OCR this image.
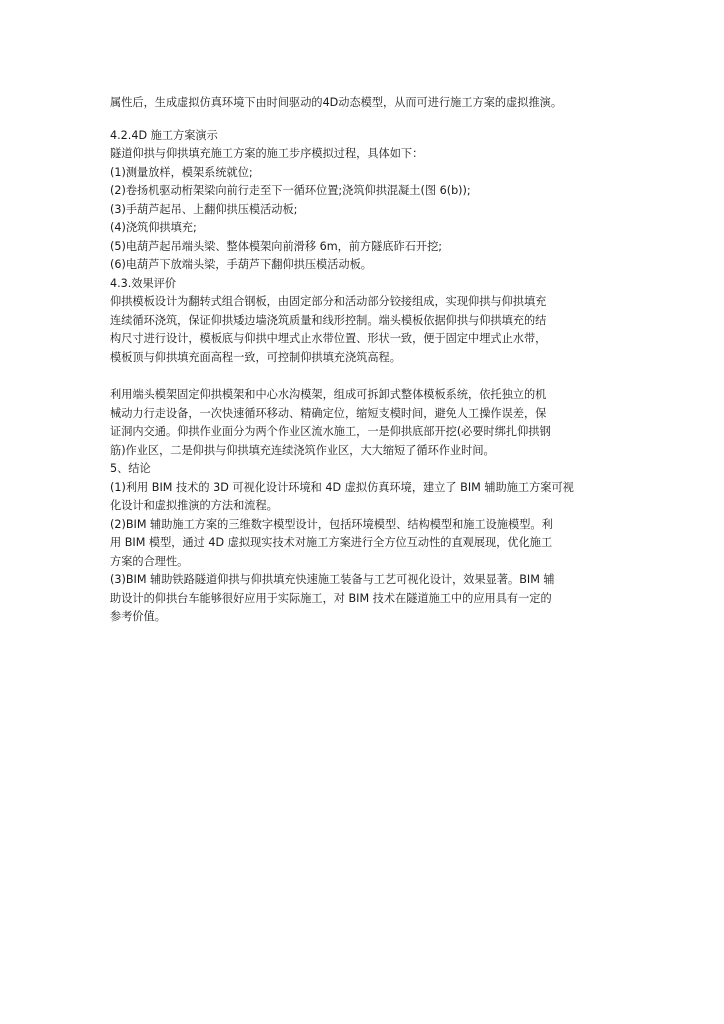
属性后，生成虚拟仿真环境下由时间驱动的4D动态模型，从而可进行施工方案的虚拟推演。
4.2.4D 施工方案演示
隧道仰拱与仰拱填充施工方案的施工步序模拟过程，具体如下：
(1)测量放样，模架系统就位;
(2)卷扬机驱动桁架梁向前行走至下一循环位置;浇筑仰拱混凝土(图 6(b));
(3)手葫芦起吊、上翻仰拱压模活动板;
(4)浇筑仰拱填充;
(5)电葫芦起吊端头梁、整体模架向前滑移 6m，前方隧底砟石开挖;
(6)电葫芦下放端头梁，手葫芦下翻仰拱压模活动板。
4.3.效果评价
仰拱模板设计为翻转式组合钢板，由固定部分和活动部分铰接组成，实现仰拱与仰拱填充
连续循环浇筑，保证仰拱矮边墙浇筑质量和线形控制。端头模板依据仰拱与仰拱填充的结
构尺寸进行设计，模板底与仰拱中埋式止水带位置、形状一致，便于固定中埋式止水带，
模板顶与仰拱填充面高程一致，可控制仰拱填充浇筑高程。
利用端头模架固定仰拱模架和中心水沟模架，组成可拆卸式整体模板系统，依托独立的机
械动力行走设备，一次快速循环移动、精确定位，缩短支模时间，避免人工操作误差，保
证洞内交通。仰拱作业面分为两个作业区流水施工，一是仰拱底部开挖(必要时绑扎仰拱钢
筋)作业区，二是仰拱与仰拱填充连续浇筑作业区，大大缩短了循环作业时间。
5、结论
(1)利用 BIM 技术的 3D 可视化设计环境和 4D 虚拟仿真环境，建立了 BIM 辅助施工方案可视
化设计和虚拟推演的方法和流程。
(2)BIM 辅助施工方案的三维数字模型设计，包括环境模型、结构模型和施工设施模型。利
用 BIM 模型，通过 4D 虚拟现实技术对施工方案进行全方位互动性的直观展现，优化施工
方案的合理性。
(3)BIM 辅助铁路隧道仰拱与仰拱填充快速施工装备与工艺可视化设计，效果显著。BIM 辅
助设计的仰拱台车能够很好应用于实际施工，对 BIM 技术在隧道施工中的应用具有一定的
参考价值。
